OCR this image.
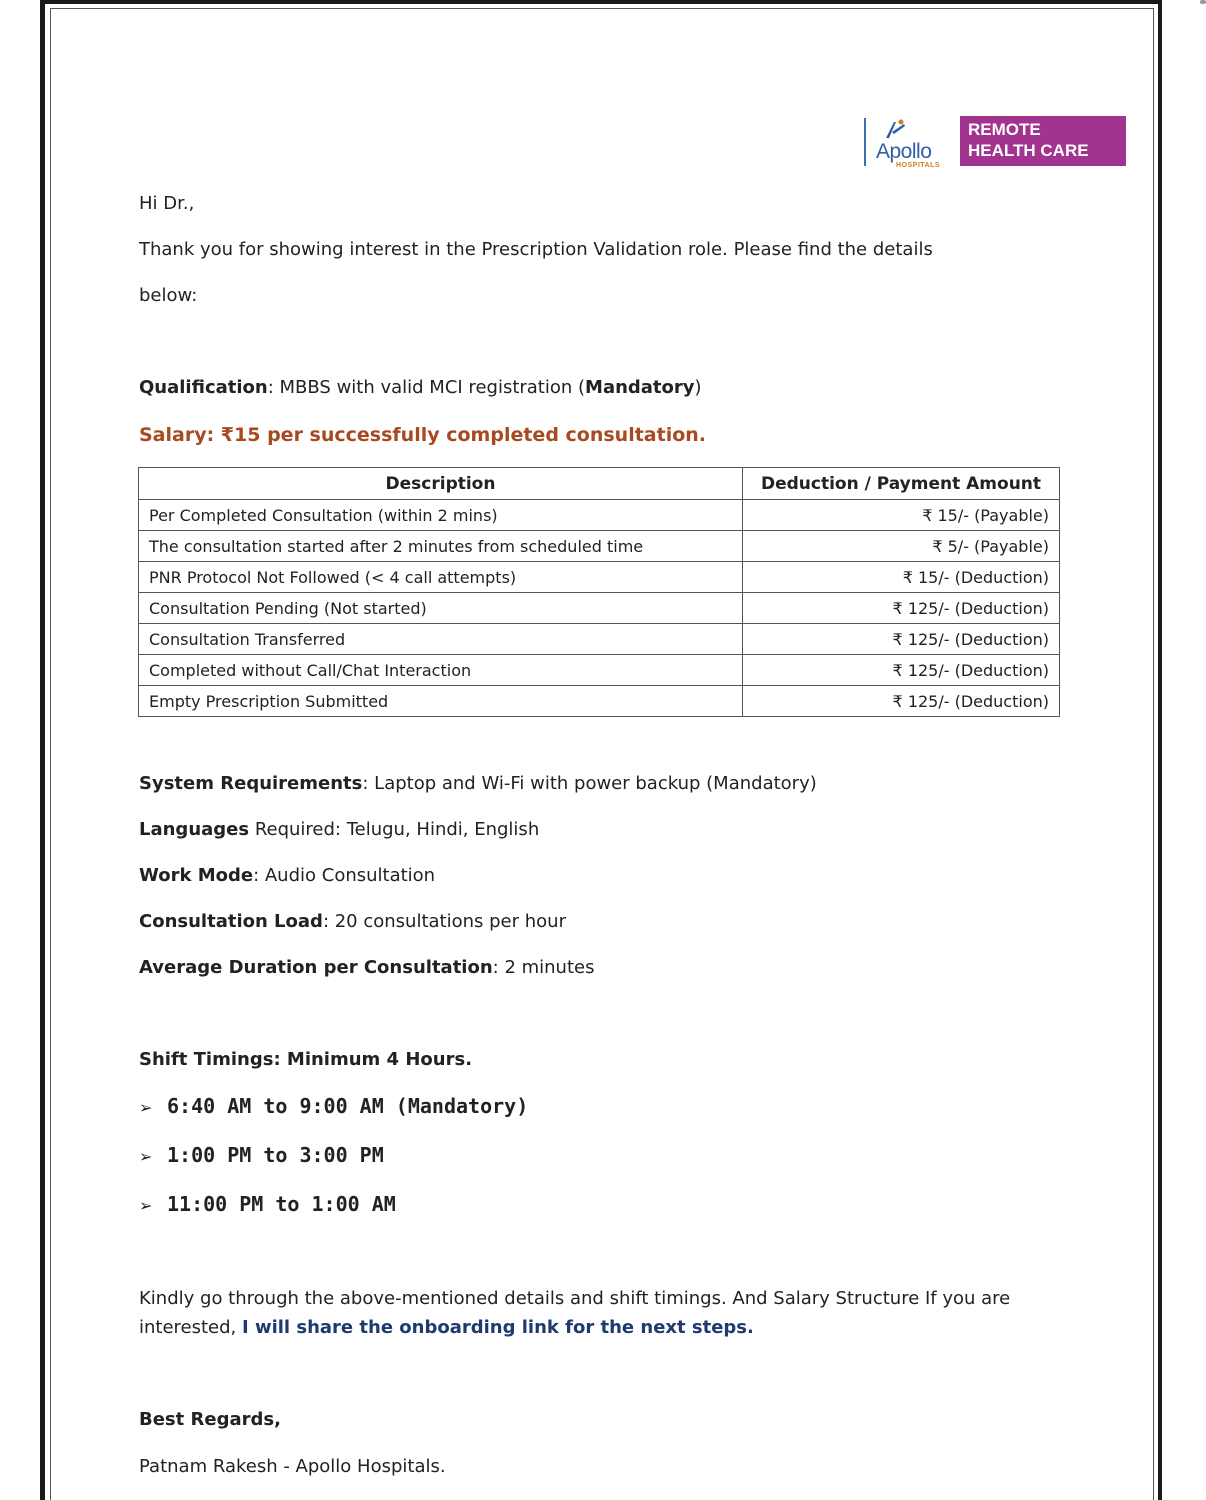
Apollo
HOSPITALS
REMOTE
HEALTH CARE
Hi Dr.,
Thank you for showing interest in the Prescription Validation role. Please find the details
below:
Qualification: MBBS with valid MCI registration (Mandatory)
Salary: ₹15 per successfully completed consultation.
Description	Deduction / Payment Amount
Per Completed Consultation (within 2 mins)	₹ 15/- (Payable)
The consultation started after 2 minutes from scheduled time	₹ 5/- (Payable)
PNR Protocol Not Followed (< 4 call attempts)	₹ 15/- (Deduction)
Consultation Pending (Not started)	₹ 125/- (Deduction)
Consultation Transferred	₹ 125/- (Deduction)
Completed without Call/Chat Interaction	₹ 125/- (Deduction)
Empty Prescription Submitted	₹ 125/- (Deduction)
System Requirements: Laptop and Wi-Fi with power backup (Mandatory)
Languages Required: Telugu, Hindi, English
Work Mode: Audio Consultation
Consultation Load: 20 consultations per hour
Average Duration per Consultation: 2 minutes
Shift Timings: Minimum 4 Hours.
➢ 6:40 AM to 9:00 AM (Mandatory)
➢ 1:00 PM to 3:00 PM
➢ 11:00 PM to 1:00 AM
Kindly go through the above-mentioned details and shift timings. And Salary Structure If you are
interested, I will share the onboarding link for the next steps.
Best Regards,
Patnam Rakesh - Apollo Hospitals.
